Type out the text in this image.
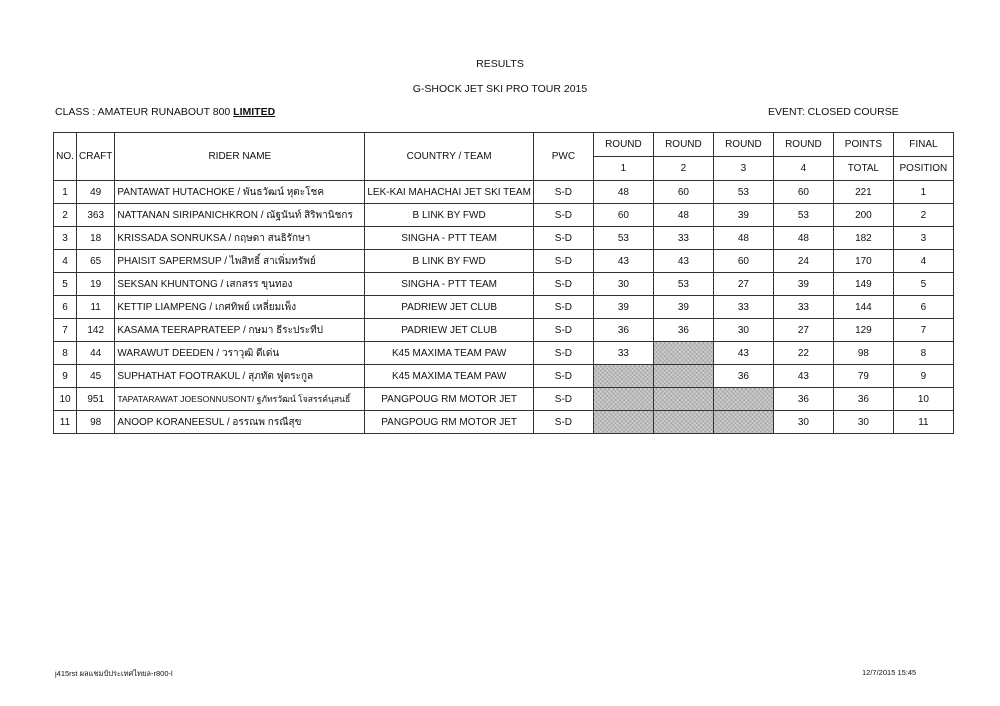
RESULTS
G-SHOCK JET SKI PRO TOUR 2015
CLASS : AMATEUR RUNABOUT 800 LIMITED	EVENT: CLOSED COURSE
NO.	CRAFT	RIDER NAME	COUNTRY / TEAM	PWC	ROUND	ROUND	ROUND	ROUND	POINTS	FINAL
					1	2	3	4	TOTAL	POSITION
1	49	PANTAWAT HUTACHOKE / พันธวัฒน์ หุตะโชค	LEK-KAI MAHACHAI JET SKI TEAM	S-D	48	60	53	60	221	1
2	363	NATTANAN SIRIPANICHKRON / ณัฐนันท์ สิริพานิชกร	B LINK BY FWD	S-D	60	48	39	53	200	2
3	18	KRISSADA SONRUKSA / กฤษดา สนธิรักษา	SINGHA - PTT TEAM	S-D	53	33	48	48	182	3
4	65	PHAISIT SAPERMSUP / ไพสิทธิ์ สาเพิ่มทรัพย์	B LINK BY FWD	S-D	43	43	60	24	170	4
5	19	SEKSAN KHUNTONG / เสกสรร ขุนทอง	SINGHA - PTT TEAM	S-D	30	53	27	39	149	5
6	11	KETTIP LIAMPENG / เกศทิพย์ เหลี่ยมเพ็ง	PADRIEW JET CLUB	S-D	39	39	33	33	144	6
7	142	KASAMA TEERAPRATEEP / กษมา ธีระประทีป	PADRIEW JET CLUB	S-D	36	36	30	27	129	7
8	44	WARAWUT DEEDEN / วราวุฒิ ดีเด่น	K45 MAXIMA TEAM PAW	S-D	33		43	22	98	8
9	45	SUPHATHAT FOOTRAKUL / สุภทัต ฟูตระกูล	K45 MAXIMA TEAM PAW	S-D			36	43	79	9
10	951	TAPATARAWAT JOESONNUSONT/ ฐภัทรวัฒน์ โจสรรค์นุสนธิ์	PANGPOUG RM MOTOR JET	S-D				36	36	10
11	98	ANOOP KORANEESUL / อรรณพ กรณีสุข	PANGPOUG RM MOTOR JET	S-D				30	30	11
j415rst ผลแชมป์ประเทศไทยล-r800-l	12/7/2015 15:45
